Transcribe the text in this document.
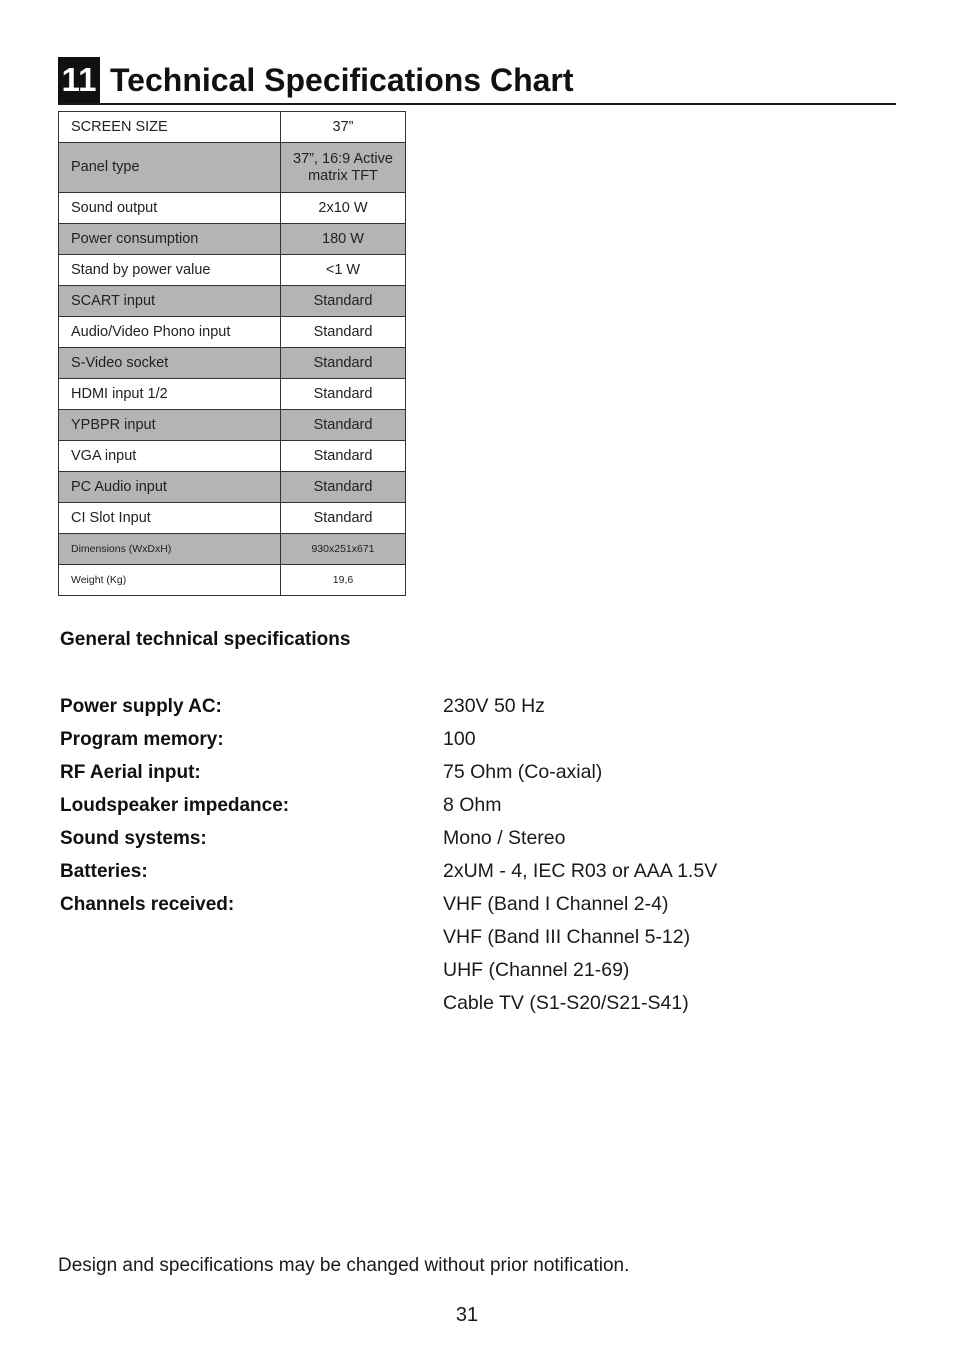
11 Technical Specifications Chart
SCREEN SIZE	37”
Panel type	37”, 16:9 Active matrix TFT
Sound output	2x10 W
Power consumption	180 W
Stand by power value	<1 W
SCART input	Standard
Audio/Video Phono input	Standard
S-Video socket	Standard
HDMI input 1/2	Standard
YPBPR input	Standard
VGA input	Standard
PC Audio input	Standard
CI Slot Input	Standard
Dimensions (WxDxH)	930x251x671
Weight (Kg)	19,6
General technical specifications
Power supply AC:	230V 50 Hz
Program memory:	100
RF Aerial input:	75 Ohm (Co-axial)
Loudspeaker impedance:	8 Ohm
Sound systems:	Mono / Stereo
Batteries:	2xUM - 4, IEC R03 or AAA 1.5V
Channels received:	VHF (Band I Channel 2-4)
VHF (Band III Channel 5-12)
UHF (Channel 21-69)
Cable TV (S1-S20/S21-S41)
Design and specifications may be changed without prior notification.
31
